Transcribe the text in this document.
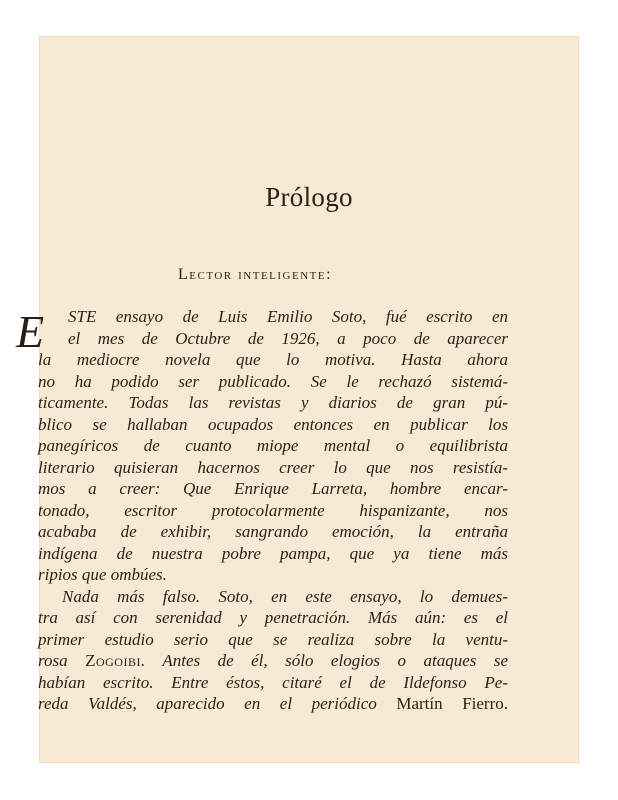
Prólogo
Lector inteligente:
E	STE ensayo de Luis Emilio Soto, fué escrito en
el mes de Octubre de 1926, a poco de aparecer
la mediocre novela que lo motiva. Hasta ahora
no ha podido ser publicado. Se le rechazó sistemá-
ticamente. Todas las revistas y diarios de gran pú-
blico se hallaban ocupados entonces en publicar los
panegíricos de cuanto miope mental o equilibrista
literario quisieran hacernos creer lo que nos resistía-
mos a creer: Que Enrique Larreta, hombre encar-
tonado, escritor protocolarmente hispanizante, nos
acababa de exhibir, sangrando emoción, la entraña
indígena de nuestra pobre pampa, que ya tiene más
ripios que ombúes.
Nada más falso. Soto, en este ensayo, lo demues-
tra así con serenidad y penetración. Más aún: es el
primer estudio serio que se realiza sobre la ventu-
rosa Zogoibi. Antes de él, sólo elogios o ataques se
habían escrito. Entre éstos, citaré el de Ildefonso Pe-
reda Valdés, aparecido en el periódico Martín Fierro.
